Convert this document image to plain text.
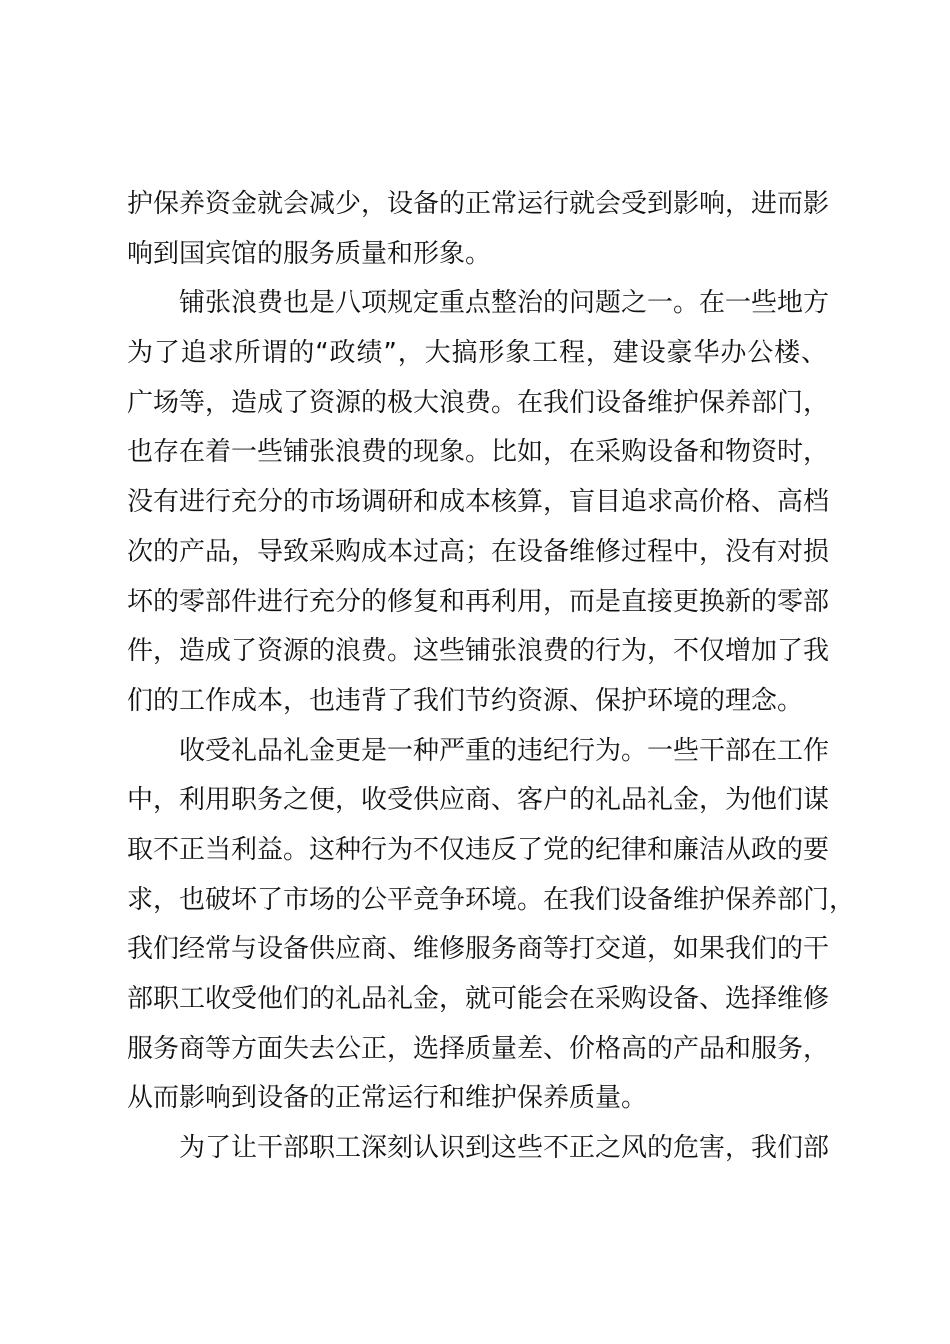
护保养资金就会减少，设备的正常运行就会受到影响，进而影
响到国宾馆的服务质量和形象。
铺张浪费也是八项规定重点整治的问题之一。在一些地方
为了追求所谓的“政绩”，大搞形象工程，建设豪华办公楼、
广场等，造成了资源的极大浪费。在我们设备维护保养部门，
也存在着一些铺张浪费的现象。比如，在采购设备和物资时，
没有进行充分的市场调研和成本核算，盲目追求高价格、高档
次的产品，导致采购成本过高；在设备维修过程中，没有对损
坏的零部件进行充分的修复和再利用，而是直接更换新的零部
件，造成了资源的浪费。这些铺张浪费的行为，不仅增加了我
们的工作成本，也违背了我们节约资源、保护环境的理念。
收受礼品礼金更是一种严重的违纪行为。一些干部在工作
中，利用职务之便，收受供应商、客户的礼品礼金，为他们谋
取不正当利益。这种行为不仅违反了党的纪律和廉洁从政的要
求，也破坏了市场的公平竞争环境。在我们设备维护保养部门，
我们经常与设备供应商、维修服务商等打交道，如果我们的干
部职工收受他们的礼品礼金，就可能会在采购设备、选择维修
服务商等方面失去公正，选择质量差、价格高的产品和服务，
从而影响到设备的正常运行和维护保养质量。
为了让干部职工深刻认识到这些不正之风的危害，我们部
